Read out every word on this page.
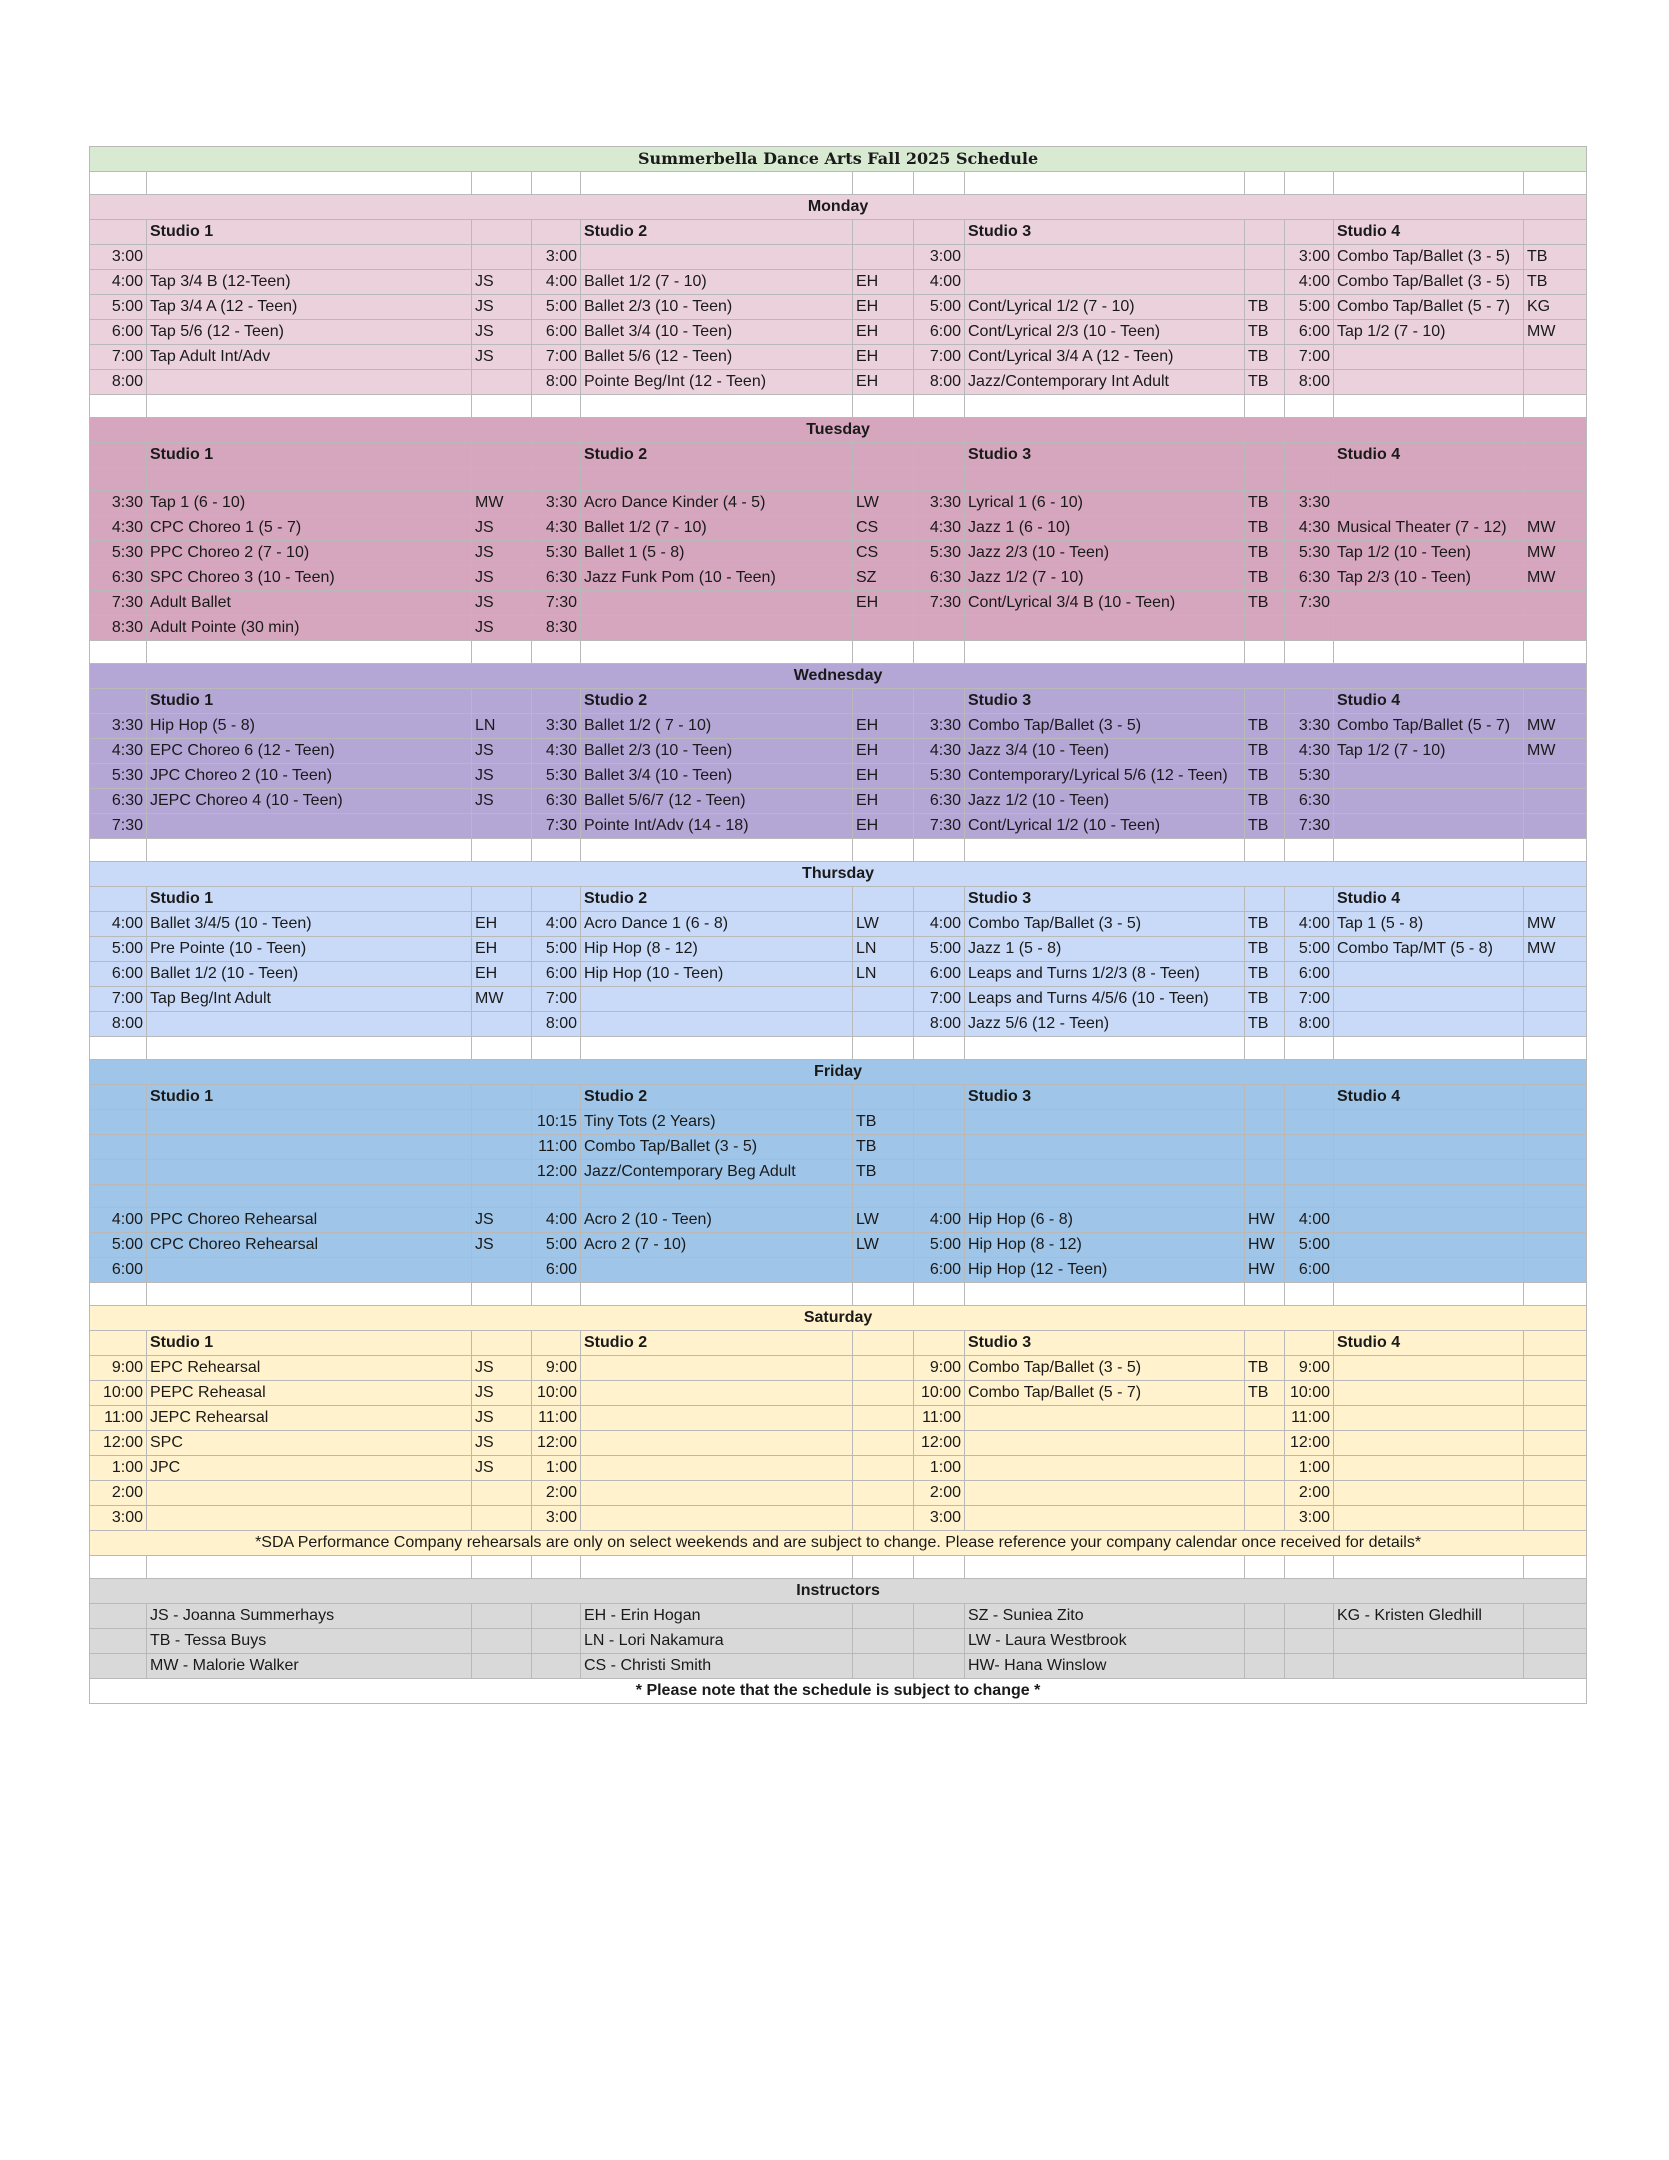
Summerbella Dance Arts Fall 2025 Schedule											

Monday											
	Studio 1			Studio 2			Studio 3			Studio 4	
3:00			3:00			3:00			3:00	Combo Tap/Ballet (3 - 5)	TB
4:00	Tap 3/4 B (12-Teen)	JS	4:00	Ballet 1/2 (7 - 10)	EH	4:00			4:00	Combo Tap/Ballet (3 - 5)	TB
5:00	Tap 3/4 A (12 - Teen)	JS	5:00	Ballet 2/3 (10 - Teen)	EH	5:00	Cont/Lyrical 1/2 (7 - 10)	TB	5:00	Combo Tap/Ballet (5 - 7)	KG
6:00	Tap 5/6 (12 - Teen)	JS	6:00	Ballet 3/4 (10 - Teen)	EH	6:00	Cont/Lyrical 2/3 (10 - Teen)	TB	6:00	Tap 1/2 (7 - 10)	MW
7:00	Tap Adult Int/Adv	JS	7:00	Ballet 5/6 (12 - Teen)	EH	7:00	Cont/Lyrical 3/4 A (12 - Teen)	TB	7:00		
8:00			8:00	Pointe Beg/Int (12 - Teen)	EH	8:00	Jazz/Contemporary Int Adult	TB	8:00		

Tuesday											
	Studio 1			Studio 2			Studio 3			Studio 4	

3:30	Tap 1 (6 - 10)	MW	3:30	Acro Dance Kinder (4 - 5)	LW	3:30	Lyrical 1 (6 - 10)	TB	3:30		
4:30	CPC Choreo 1 (5 - 7)	JS	4:30	Ballet 1/2 (7 - 10)	CS	4:30	Jazz 1 (6 - 10)	TB	4:30	Musical Theater (7 - 12)	MW
5:30	PPC Choreo 2 (7 - 10)	JS	5:30	Ballet 1 (5 - 8)	CS	5:30	Jazz 2/3 (10 - Teen)	TB	5:30	Tap 1/2 (10 - Teen)	MW
6:30	SPC Choreo 3 (10 - Teen)	JS	6:30	Jazz Funk Pom (10 - Teen)	SZ	6:30	Jazz 1/2 (7 - 10)	TB	6:30	Tap 2/3 (10 - Teen)	MW
7:30	Adult Ballet	JS	7:30		EH	7:30	Cont/Lyrical 3/4 B (10 - Teen)	TB	7:30		
8:30	Adult Pointe (30 min)	JS	8:30								

Wednesday											
	Studio 1			Studio 2			Studio 3			Studio 4	
3:30	Hip Hop (5 - 8)	LN	3:30	Ballet 1/2 ( 7 - 10)	EH	3:30	Combo Tap/Ballet (3 - 5)	TB	3:30	Combo Tap/Ballet (5 - 7)	MW
4:30	EPC Choreo 6 (12 - Teen)	JS	4:30	Ballet 2/3 (10 - Teen)	EH	4:30	Jazz 3/4 (10 - Teen)	TB	4:30	Tap 1/2 (7 - 10)	MW
5:30	JPC Choreo 2 (10 - Teen)	JS	5:30	Ballet 3/4 (10 - Teen)	EH	5:30	Contemporary/Lyrical 5/6 (12 - Teen)	TB	5:30		
6:30	JEPC Choreo 4 (10 - Teen)	JS	6:30	Ballet 5/6/7 (12 - Teen)	EH	6:30	Jazz 1/2 (10 - Teen)	TB	6:30		
7:30			7:30	Pointe Int/Adv (14 - 18)	EH	7:30	Cont/Lyrical 1/2 (10 - Teen)	TB	7:30		

Thursday											
	Studio 1			Studio 2			Studio 3			Studio 4	
4:00	Ballet 3/4/5 (10 - Teen)	EH	4:00	Acro Dance 1 (6 - 8)	LW	4:00	Combo Tap/Ballet (3 - 5)	TB	4:00	Tap 1 (5 - 8)	MW
5:00	Pre Pointe (10 - Teen)	EH	5:00	Hip Hop (8 - 12)	LN	5:00	Jazz 1 (5 - 8)	TB	5:00	Combo Tap/MT (5 - 8)	MW
6:00	Ballet 1/2 (10 - Teen)	EH	6:00	Hip Hop (10 - Teen)	LN	6:00	Leaps and Turns 1/2/3 (8 - Teen)	TB	6:00		
7:00	Tap Beg/Int Adult	MW	7:00			7:00	Leaps and Turns 4/5/6 (10 - Teen)	TB	7:00		
8:00			8:00			8:00	Jazz 5/6 (12 - Teen)	TB	8:00		

Friday											
	Studio 1			Studio 2			Studio 3			Studio 4	
			10:15	Tiny Tots (2 Years)	TB						
			11:00	Combo Tap/Ballet (3 - 5)	TB						
			12:00	Jazz/Contemporary Beg Adult	TB						

4:00	PPC Choreo Rehearsal	JS	4:00	Acro 2 (10 - Teen)	LW	4:00	Hip Hop (6 - 8)	HW	4:00		
5:00	CPC Choreo Rehearsal	JS	5:00	Acro 2 (7 - 10)	LW	5:00	Hip Hop (8 - 12)	HW	5:00		
6:00			6:00			6:00	Hip Hop (12 - Teen)	HW	6:00		

Saturday											
	Studio 1			Studio 2			Studio 3			Studio 4	
9:00	EPC Rehearsal	JS	9:00			9:00	Combo Tap/Ballet (3 - 5)	TB	9:00		
10:00	PEPC Reheasal	JS	10:00			10:00	Combo Tap/Ballet (5 - 7)	TB	10:00		
11:00	JEPC Rehearsal	JS	11:00			11:00			11:00		
12:00	SPC	JS	12:00			12:00			12:00		
1:00	JPC	JS	1:00			1:00			1:00		
2:00			2:00			2:00			2:00		
3:00			3:00			3:00			3:00		
*SDA Performance Company rehearsals are only on select weekends and are subject to change. Please reference your company calendar once received for details*											

Instructors											
	JS - Joanna Summerhays			EH - Erin Hogan			SZ - Suniea Zito			KG - Kristen Gledhill	
	TB - Tessa Buys			LN - Lori Nakamura			LW - Laura Westbrook				
	MW - Malorie Walker			CS - Christi Smith			HW- Hana Winslow				
* Please note that the schedule is subject to change *											
